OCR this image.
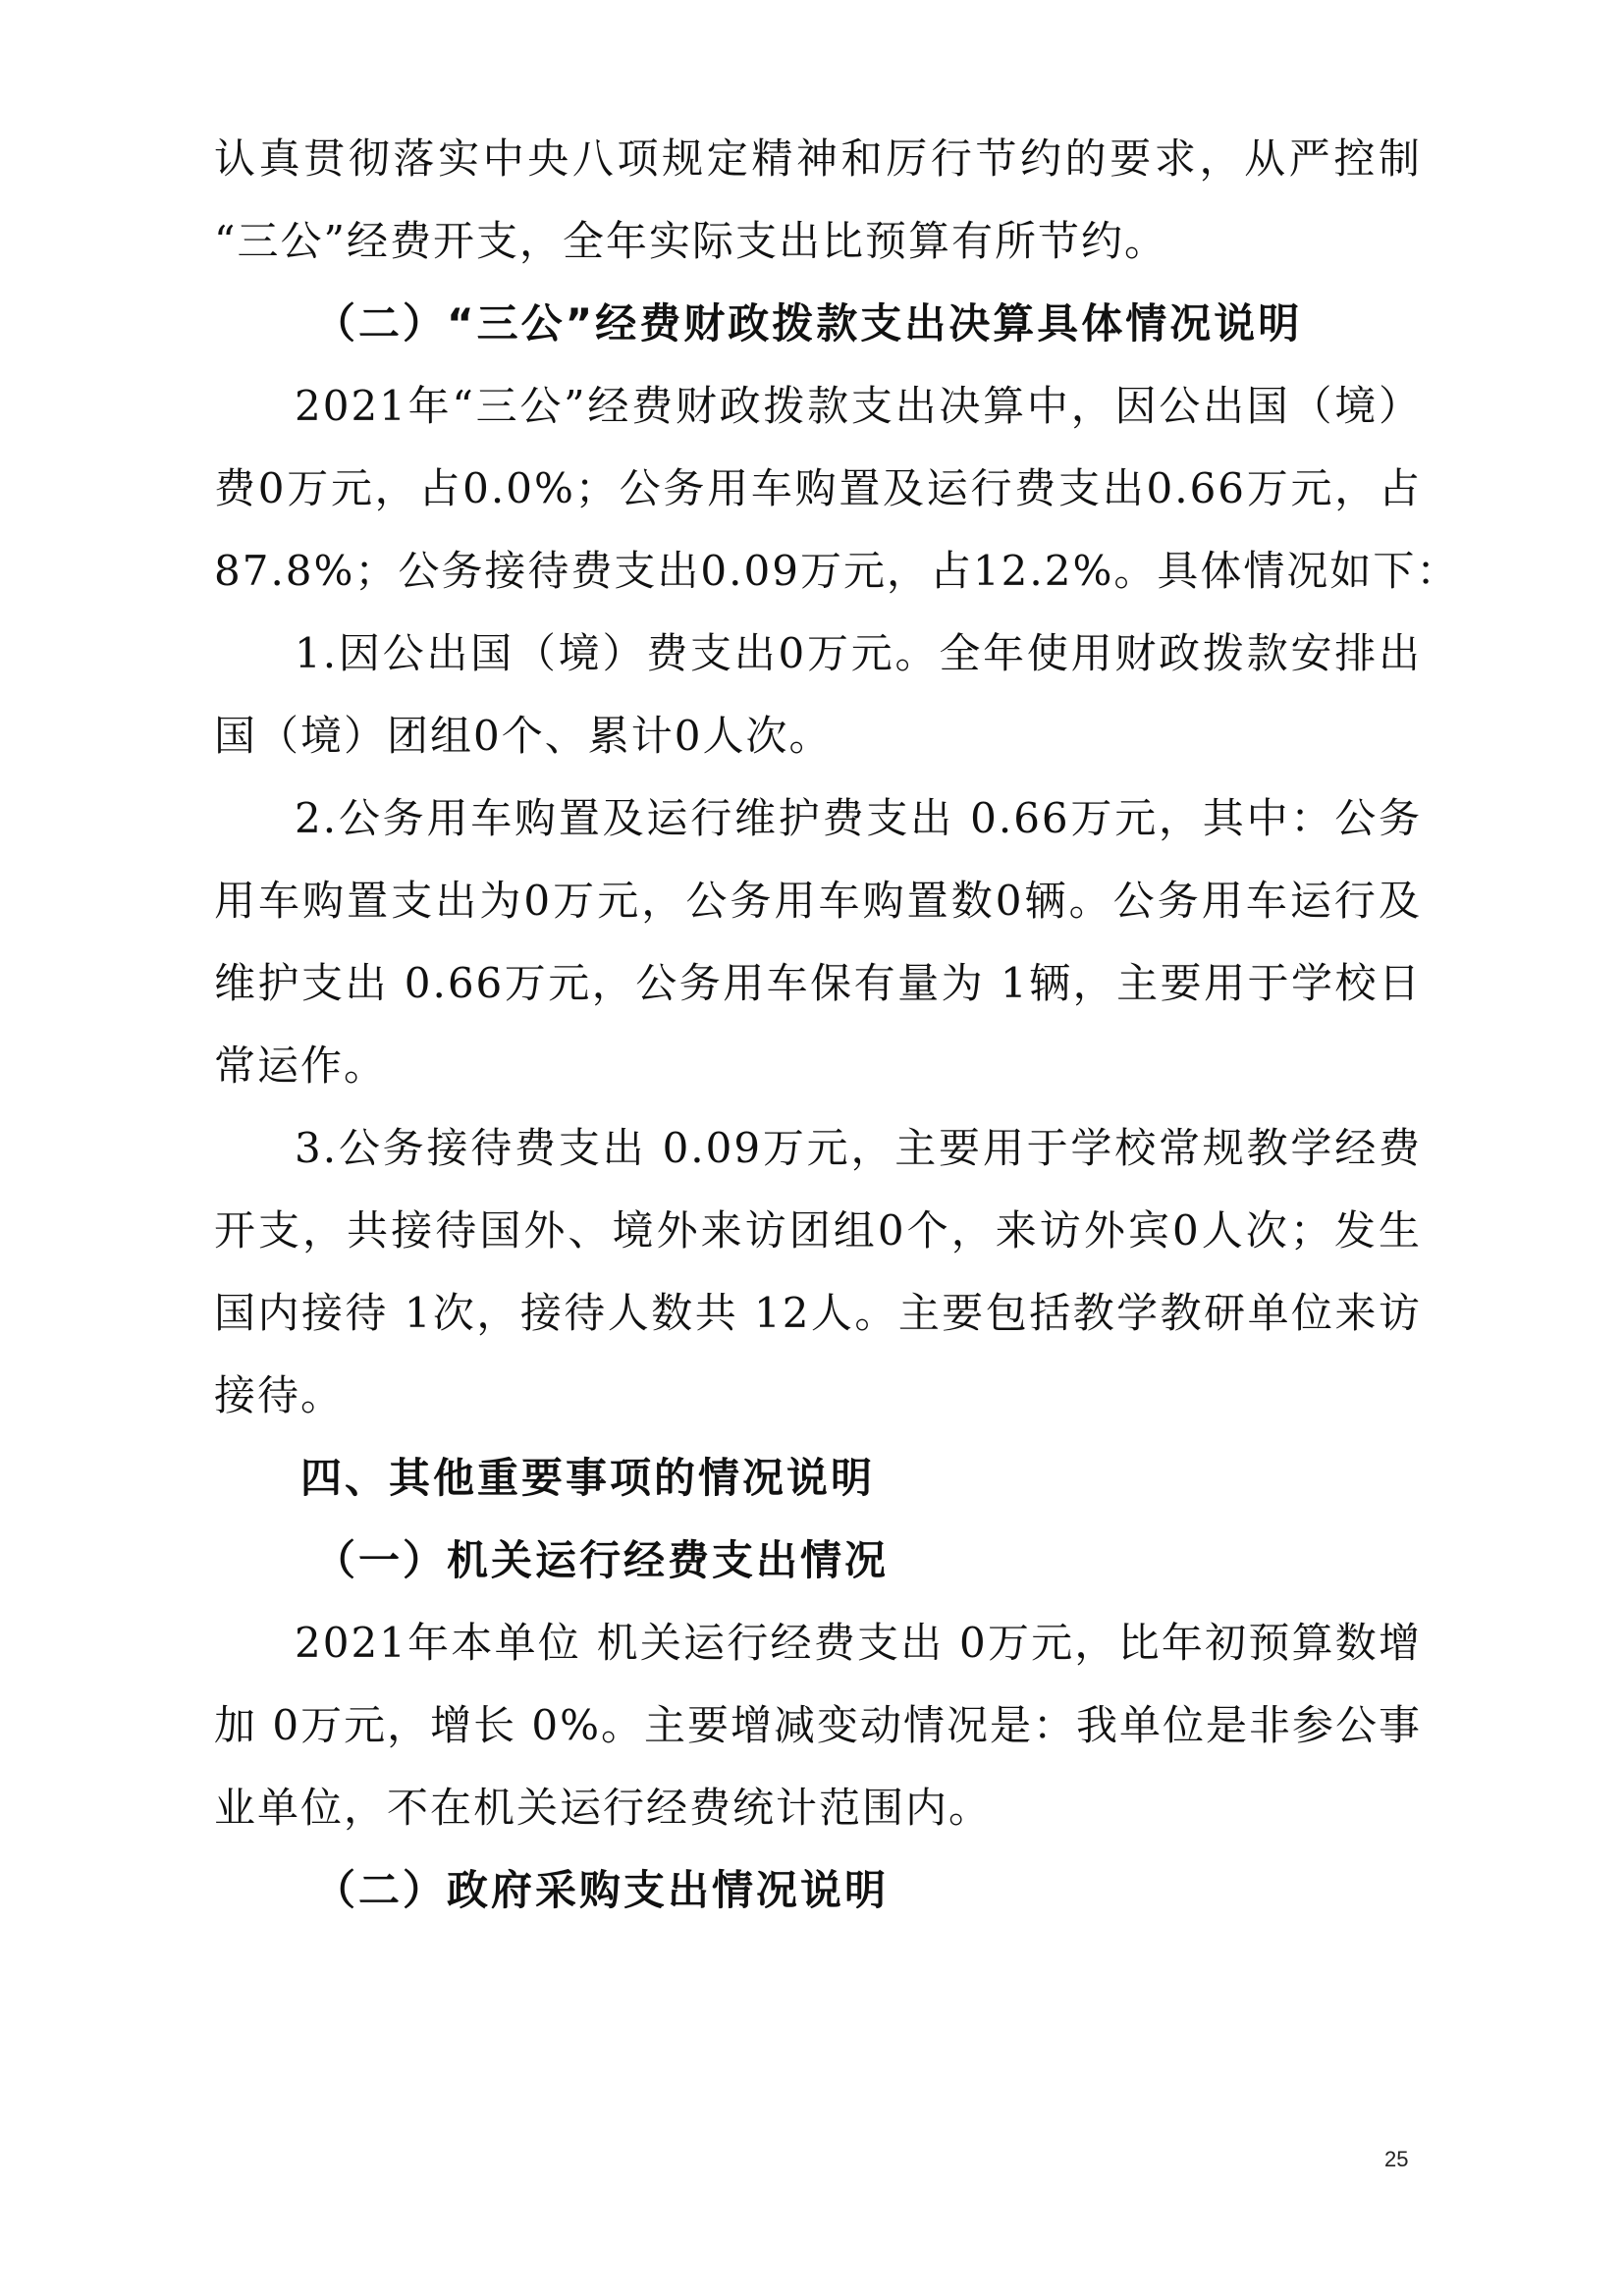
认真贯彻落实中央八项规定精神和厉行节约的要求，从严控制

“三公”经费开支，全年实际支出比预算有所节约。

（二）“三公”经费财政拨款支出决算具体情况说明

2021年“三公”经费财政拨款支出决算中，因公出国（境）

费0万元，占0.0%；公务用车购置及运行费支出0.66万元，占

87.8%；公务接待费支出0.09万元，占12.2%。具体情况如下：

1.因公出国（境）费支出0万元。全年使用财政拨款安排出

国（境）团组0个、累计0人次。

2.公务用车购置及运行维护费支出 0.66万元，其中：公务

用车购置支出为0万元，公务用车购置数0辆。公务用车运行及

维护支出 0.66万元，公务用车保有量为 1辆，主要用于学校日

常运作。

3.公务接待费支出 0.09万元，主要用于学校常规教学经费

开支，共接待国外、境外来访团组0个，来访外宾0人次；发生

国内接待 1次，接待人数共 12人。主要包括教学教研单位来访

接待。

四、其他重要事项的情况说明

（一）机关运行经费支出情况

2021年本单位 机关运行经费支出 0万元，比年初预算数增

加 0万元，增长 0%。主要增减变动情况是：我单位是非参公事

业单位，不在机关运行经费统计范围内。

（二）政府采购支出情况说明

25
